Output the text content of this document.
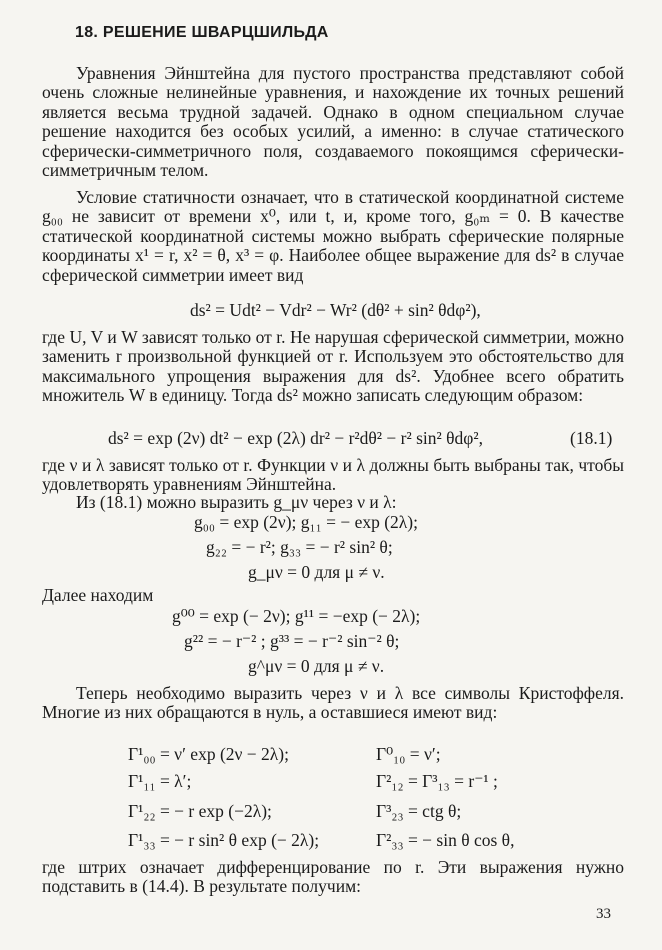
18. РЕШЕНИЕ ШВАРЦШИЛЬДА
Уравнения Эйнштейна для пустого пространства представляют собой очень сложные нелинейные уравнения, и нахождение их точных решений является весьма трудной задачей. Однако в одном специальном случае решение находится без особых усилий, а именно: в случае статического сферически-симметричного поля, создаваемого покоящимся сферически-симметричным телом.
Условие статичности означает, что в статической координатной системе g₀₀ не зависит от времени x⁰, или t, и, кроме того, g₀ₘ = 0. В качестве статической координатной системы можно выбрать сферические полярные координаты x¹ = r, x² = θ, x³ = φ. Наиболее общее выражение для ds² в случае сферической симметрии имеет вид
ds² = Udt² − Vdr² − Wr² (dθ² + sin² θdφ²),
где U, V и W зависят только от r. Не нарушая сферической симметрии, можно заменить r произвольной функцией от r. Используем это обстоятельство для максимального упрощения выражения для ds². Удобнее всего обратить множитель W в единицу. Тогда ds² можно записать следующим образом:
ds² = exp (2ν) dt² − exp (2λ) dr² − r²dθ² − r² sin² θdφ²,	(18.1)
где ν и λ зависят только от r. Функции ν и λ должны быть выбраны так, чтобы удовлетворять уравнениям Эйнштейна.
Из (18.1) можно выразить g_μν через ν и λ:
g₀₀ = exp (2ν); g₁₁ = − exp (2λ);
g₂₂ = − r²; g₃₃ = − r² sin² θ;
g_μν = 0 для μ ≠ ν.
Далее находим
g⁰⁰ = exp (− 2ν); g¹¹ = −exp (− 2λ);
g²² = − r⁻² ; g³³ = − r⁻² sin⁻² θ;
g^μν = 0 для μ ≠ ν.
Теперь необходимо выразить через ν и λ все символы Кристоффеля. Многие из них обращаются в нуль, а оставшиеся имеют вид:
Γ¹₀₀ = ν′ exp (2ν − 2λ);	Γ⁰₁₀ = ν′;
Γ¹₁₁ = λ′;	Γ²₁₂ = Γ³₁₃ = r⁻¹ ;
Γ¹₂₂ = − r exp (−2λ);	Γ³₂₃ = ctg θ;
Γ¹₃₃ = − r sin² θ exp (− 2λ);	Γ²₃₃ = − sin θ cos θ,
где штрих означает дифференцирование по r. Эти выражения нужно подставить в (14.4). В результате получим:
33
